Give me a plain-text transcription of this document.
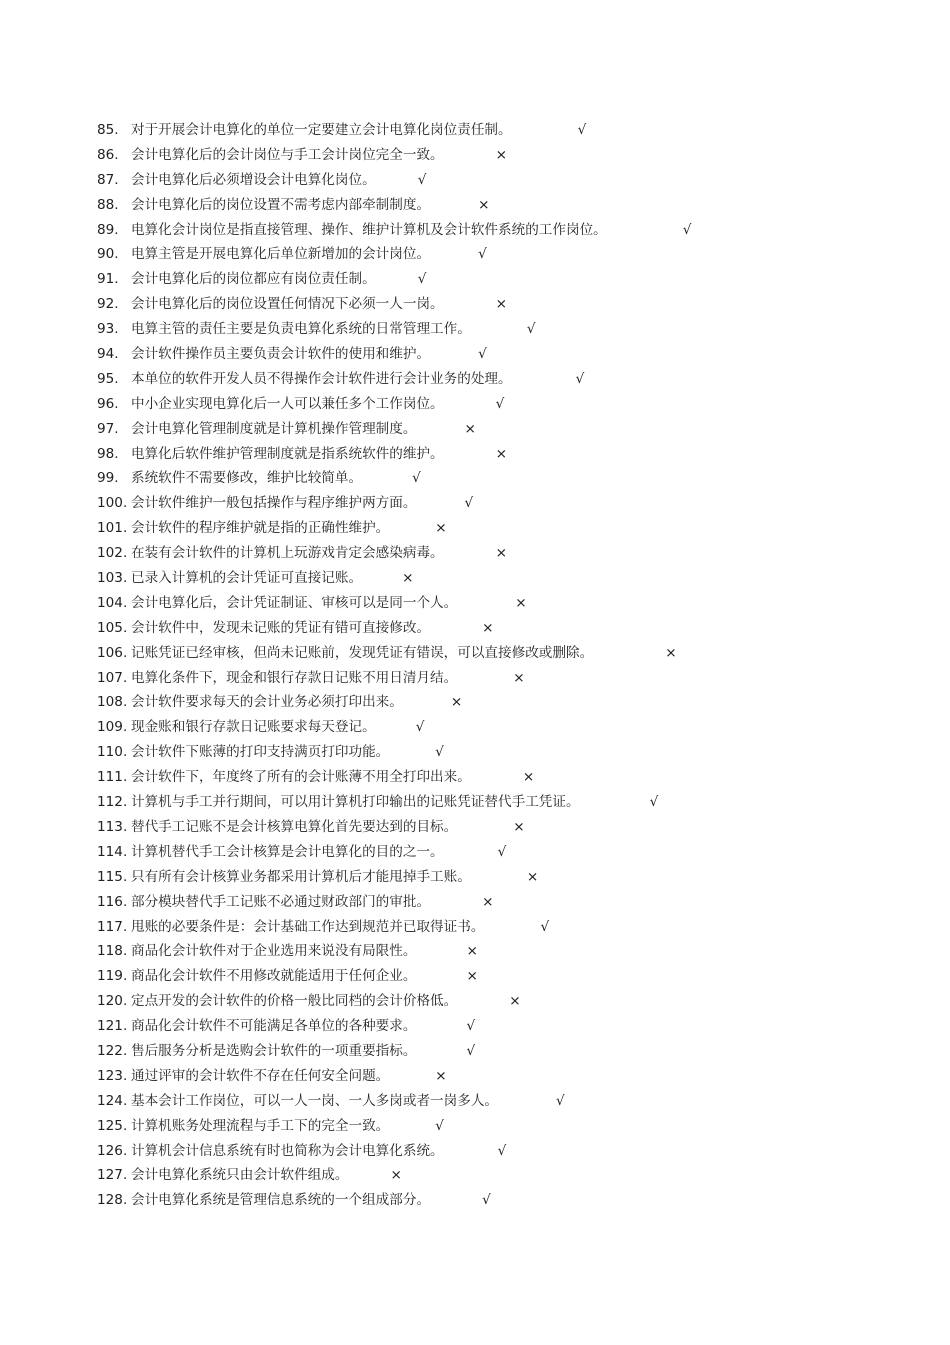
85. 对于开展会计电算化的单位一定要建立会计电算化岗位责任制。	√
86. 会计电算化后的会计岗位与手工会计岗位完全一致。	×
87. 会计电算化后必须增设会计电算化岗位。	√
88. 会计电算化后的岗位设置不需考虑内部牵制制度。	×
89. 电算化会计岗位是指直接管理、操作、维护计算机及会计软件系统的工作岗位。	√
90. 电算主管是开展电算化后单位新增加的会计岗位。	√
91. 会计电算化后的岗位都应有岗位责任制。	√
92. 会计电算化后的岗位设置任何情况下必须一人一岗。	×
93. 电算主管的责任主要是负责电算化系统的日常管理工作。	√
94. 会计软件操作员主要负责会计软件的使用和维护。	√
95. 本单位的软件开发人员不得操作会计软件进行会计业务的处理。	√
96. 中小企业实现电算化后一人可以兼任多个工作岗位。	√
97. 会计电算化管理制度就是计算机操作管理制度。	×
98. 电算化后软件维护管理制度就是指系统软件的维护。	×
99. 系统软件不需要修改，维护比较简单。	√
100. 会计软件维护一般包括操作与程序维护两方面。	√
101. 会计软件的程序维护就是指的正确性维护。	×
102. 在装有会计软件的计算机上玩游戏肯定会感染病毒。	×
103. 已录入计算机的会计凭证可直接记账。	×
104. 会计电算化后，会计凭证制证、审核可以是同一个人。	×
105. 会计软件中，发现未记账的凭证有错可直接修改。	×
106. 记账凭证已经审核，但尚未记账前，发现凭证有错误，可以直接修改或删除。	×
107. 电算化条件下，现金和银行存款日记账不用日清月结。	×
108. 会计软件要求每天的会计业务必须打印出来。	×
109. 现金账和银行存款日记账要求每天登记。	√
110. 会计软件下账薄的打印支持满页打印功能。	√
111. 会计软件下，年度终了所有的会计账薄不用全打印出来。	×
112. 计算机与手工并行期间，可以用计算机打印输出的记账凭证替代手工凭证。	√
113. 替代手工记账不是会计核算电算化首先要达到的目标。	×
114. 计算机替代手工会计核算是会计电算化的目的之一。	√
115. 只有所有会计核算业务都采用计算机后才能甩掉手工账。	×
116. 部分模块替代手工记账不必通过财政部门的审批。	×
117. 甩账的必要条件是：会计基础工作达到规范并已取得证书。	√
118. 商品化会计软件对于企业选用来说没有局限性。	×
119. 商品化会计软件不用修改就能适用于任何企业。	×
120. 定点开发的会计软件的价格一般比同档的会计价格低。	×
121. 商品化会计软件不可能满足各单位的各种要求。	√
122. 售后服务分析是选购会计软件的一项重要指标。	√
123. 通过评审的会计软件不存在任何安全问题。	×
124. 基本会计工作岗位，可以一人一岗、一人多岗或者一岗多人。	√
125. 计算机账务处理流程与手工下的完全一致。	√
126. 计算机会计信息系统有时也简称为会计电算化系统。	√
127. 会计电算化系统只由会计软件组成。	×
128. 会计电算化系统是管理信息系统的一个组成部分。	√
